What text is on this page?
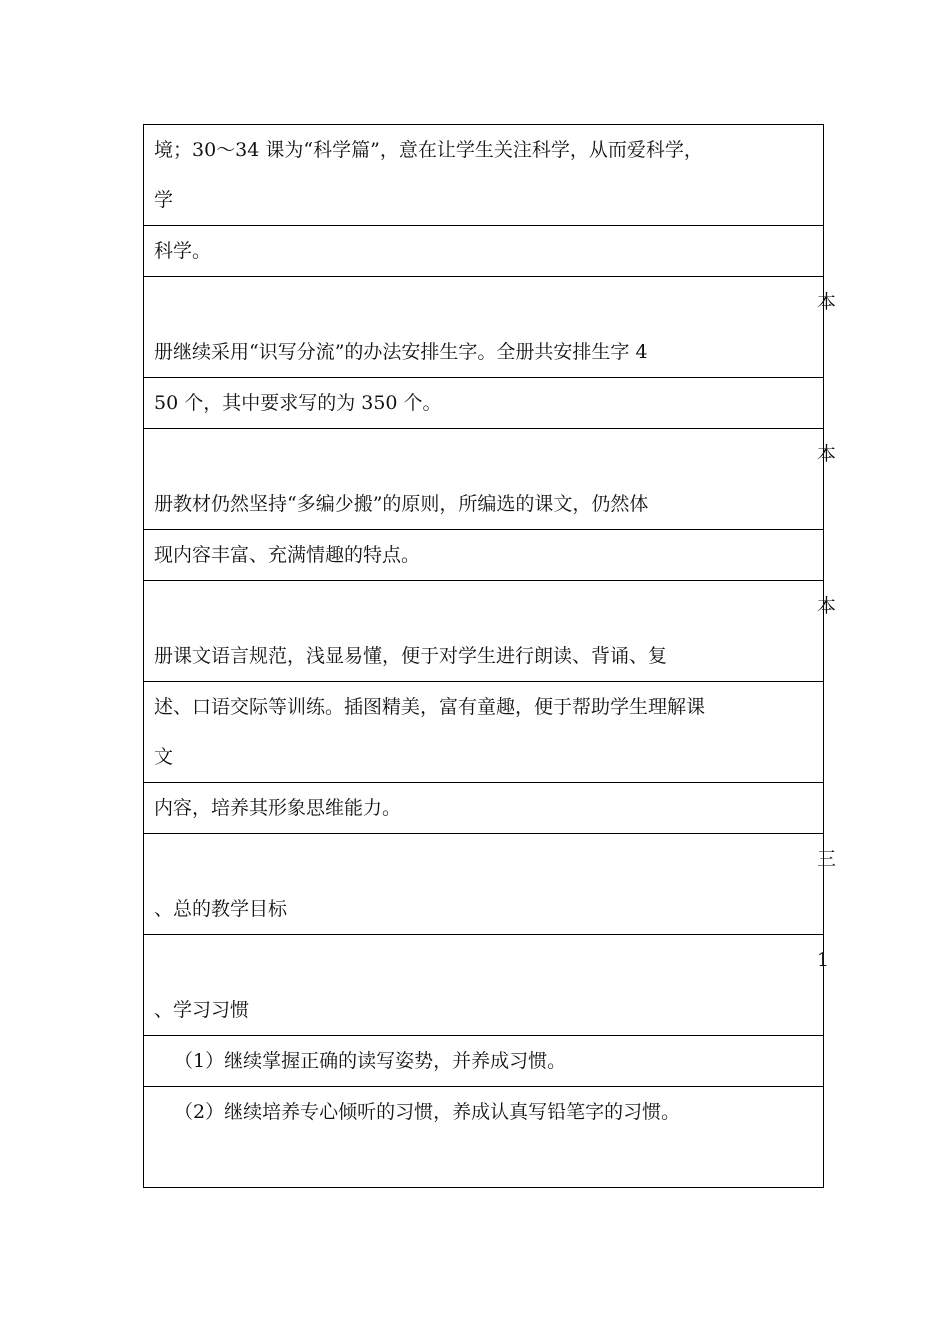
境；30～34 课为“科学篇”，意在让学生关注科学，从而爱科学，
学

科学。

本

册继续采用“识写分流”的办法安排生字。全册共安排生字 4

50 个，其中要求写的为 350 个。

本

册教材仍然坚持“多编少搬”的原则，所编选的课文，仍然体

现内容丰富、充满情趣的特点。

本

册课文语言规范，浅显易懂，便于对学生进行朗读、背诵、复

述、口语交际等训练。插图精美，富有童趣，便于帮助学生理解课
文

内容，培养其形象思维能力。

三

、总的教学目标

1

、学习习惯

（1）继续掌握正确的读写姿势，并养成习惯。

（2）继续培养专心倾听的习惯，养成认真写铅笔字的习惯。
